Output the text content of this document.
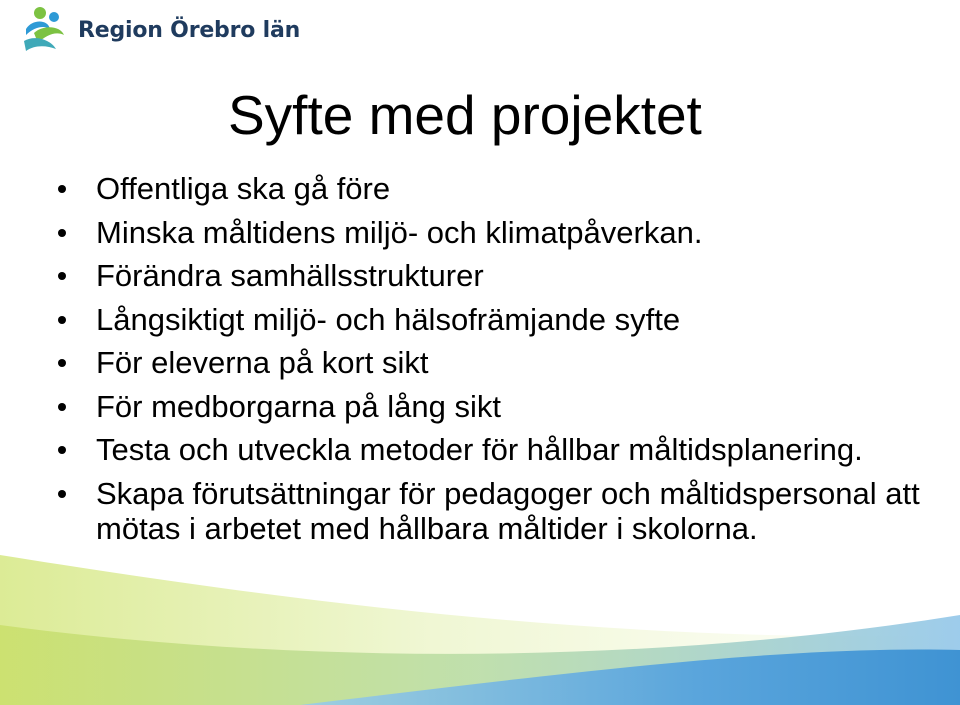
Region Örebro län
Syfte med projektet
Offentliga ska gå före
Minska måltidens miljö- och klimatpåverkan.
Förändra samhällsstrukturer
Långsiktigt miljö- och hälsofrämjande syfte
För eleverna på kort sikt
För medborgarna på lång sikt
Testa och utveckla metoder för hållbar måltidsplanering.
Skapa förutsättningar för pedagoger och måltidspersonal att mötas i arbetet med hållbara måltider i skolorna.
